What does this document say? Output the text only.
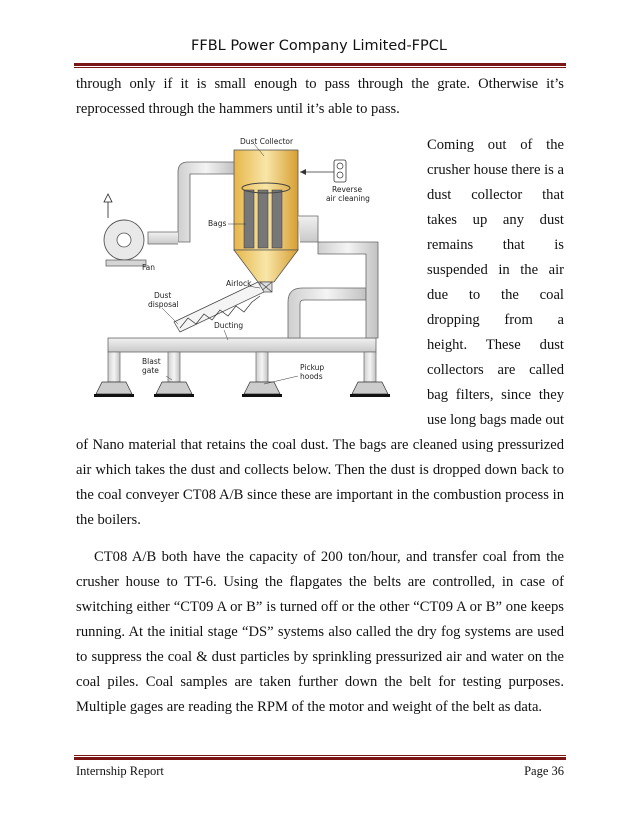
FFBL Power Company Limited-FPCL
through only if it is small enough to pass through the grate. Otherwise it’s
reprocessed through the hammers until it’s able to pass.
Coming out of the
crusher house there is a
dust collector that
takes up any dust
remains that is
suspended in the air
due to the coal
dropping from a
height. These dust
collectors are called
bag filters, since they
use long bags made out
of Nano material that retains the coal dust. The bags are cleaned using pressurized
air which takes the dust and collects below. Then the dust is dropped down back to
the coal conveyer CT08 A/B since these are important in the combustion process in
the boilers.
CT08 A/B both have the capacity of 200 ton/hour, and transfer coal from the
crusher house to TT-6. Using the flapgates the belts are controlled, in case of
switching either “CT09 A or B” is turned off or the other “CT09 A or B” one keeps
running. At the initial stage “DS” systems also called the dry fog systems are used
to suppress the coal & dust particles by sprinkling pressurized air and water on the
coal piles. Coal samples are taken further down the belt for testing purposes.
Multiple gages are reading the RPM of the motor and weight of the belt as data.
Dust Collector
Reverse
air cleaning
Bags
Fan
Airlock
Dust
disposal
Ducting
Blast
gate	Pickup
hoods
Internship Report	Page 36
